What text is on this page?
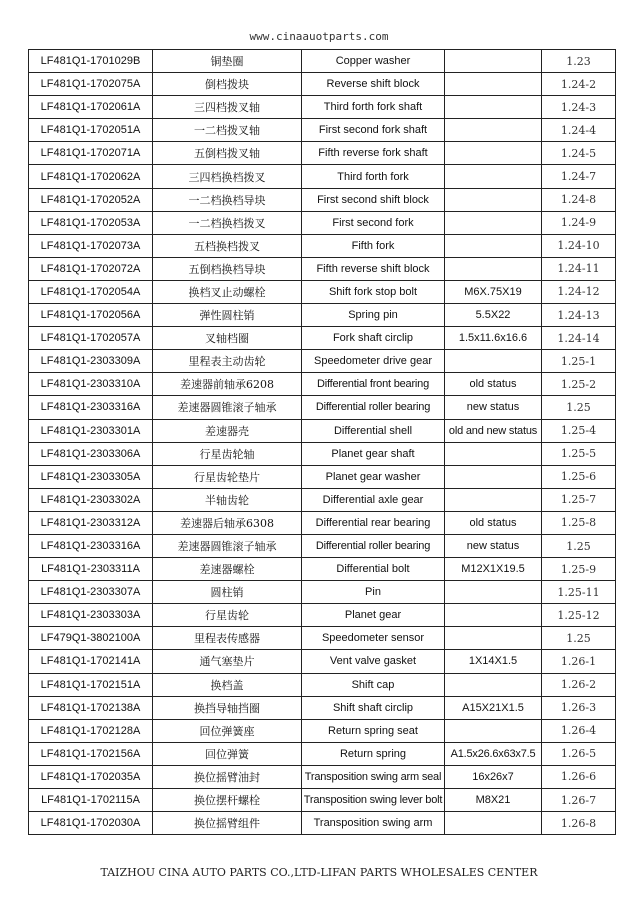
www.cinaauotparts.com
LF481Q1-1701029B	铜垫圈	Copper washer		1.23
LF481Q1-1702075A	倒档拨块	Reverse shift block		1.24-2
LF481Q1-1702061A	三四档拨叉轴	Third forth fork shaft		1.24-3
LF481Q1-1702051A	一二档拨叉轴	First second fork shaft		1.24-4
LF481Q1-1702071A	五倒档拨叉轴	Fifth reverse fork shaft		1.24-5
LF481Q1-1702062A	三四档换档拨叉	Third forth fork		1.24-7
LF481Q1-1702052A	一二档换档导块	First second shift block		1.24-8
LF481Q1-1702053A	一二档换档拨叉	First second fork		1.24-9
LF481Q1-1702073A	五档换档拨叉	Fifth fork		1.24-10
LF481Q1-1702072A	五倒档换档导块	Fifth reverse shift block		1.24-11
LF481Q1-1702054A	换档叉止动螺栓	Shift fork stop bolt	M6X.75X19	1.24-12
LF481Q1-1702056A	弹性圆柱销	Spring pin	5.5X22	1.24-13
LF481Q1-1702057A	叉轴档圈	Fork shaft circlip	1.5x11.6x16.6	1.24-14
LF481Q1-2303309A	里程表主动齿轮	Speedometer drive gear		1.25-1
LF481Q1-2303310A	差速器前轴承6208	Differential front bearing	old status	1.25-2
LF481Q1-2303316A	差速器圆锥滚子轴承	Differential roller bearing	new status	1.25
LF481Q1-2303301A	差速器壳	Differential shell	old and new status	1.25-4
LF481Q1-2303306A	行星齿轮轴	Planet gear shaft		1.25-5
LF481Q1-2303305A	行星齿轮垫片	Planet gear washer		1.25-6
LF481Q1-2303302A	半轴齿轮	Differential axle gear		1.25-7
LF481Q1-2303312A	差速器后轴承6308	Differential rear bearing	old status	1.25-8
LF481Q1-2303316A	差速器圆锥滚子轴承	Differential roller bearing	new status	1.25
LF481Q1-2303311A	差速器螺栓	Differential bolt	M12X1X19.5	1.25-9
LF481Q1-2303307A	圆柱销	Pin		1.25-11
LF481Q1-2303303A	行星齿轮	Planet gear		1.25-12
LF479Q1-3802100A	里程表传感器	Speedometer sensor		1.25
LF481Q1-1702141A	通气塞垫片	Vent valve gasket	1X14X1.5	1.26-1
LF481Q1-1702151A	换档盖	Shift cap		1.26-2
LF481Q1-1702138A	换挡导轴挡圈	Shift shaft circlip	A15X21X1.5	1.26-3
LF481Q1-1702128A	回位弹簧座	Return spring seat		1.26-4
LF481Q1-1702156A	回位弹簧	Return spring	A1.5x26.6x63x7.5	1.26-5
LF481Q1-1702035A	换位摇臂油封	Transposition swing arm seal	16x26x7	1.26-6
LF481Q1-1702115A	换位摆杆螺栓	Transposition swing lever bolt	M8X21	1.26-7
LF481Q1-1702030A	换位摇臂组件	Transposition swing arm		1.26-8
TAIZHOU CINA AUTO PARTS CO.,LTD-LIFAN PARTS WHOLESALES CENTER
